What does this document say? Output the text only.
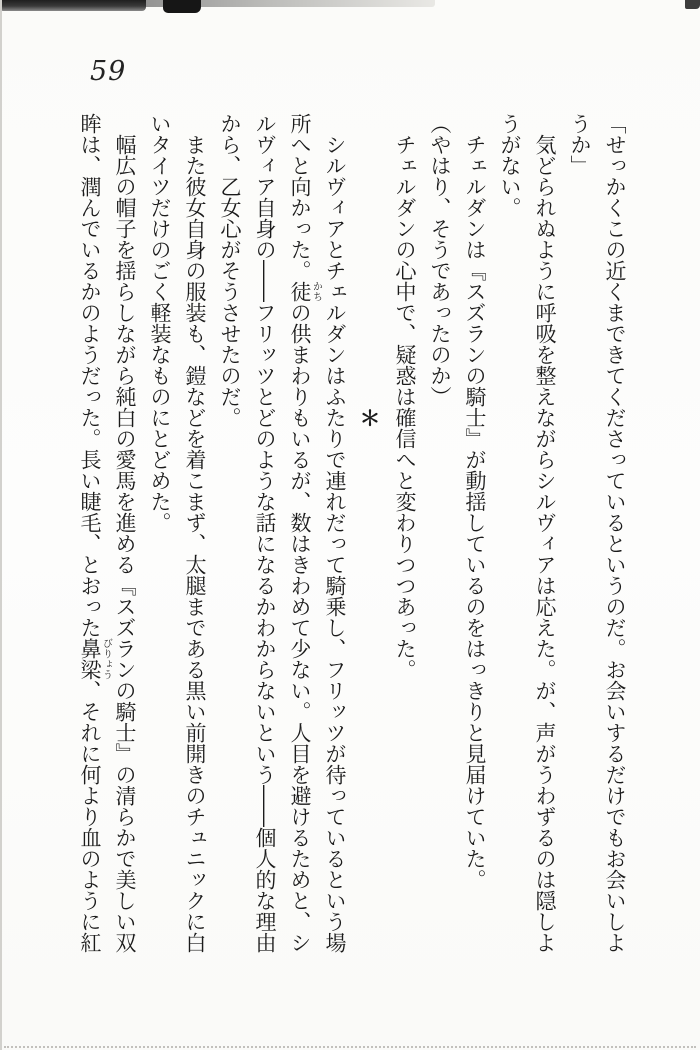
59

「せっかくこの近くまできてくださっているというのだ。お会いするだけでもお会いしようか」

気どられぬように呼吸を整えながらシルヴィアは応えた。が、声がうわずるのは隠しようがない。

チェルダンは『スズランの騎士』が動揺しているのをはっきりと見届けていた。

（やはり、そうであったのか）

チェルダンの心中で、疑惑は確信へと変わりつつあった。

＊

シルヴィアとチェルダンはふたりで連れだって騎乗し、フリッツが待っているという場所へと向かった。徒かちの供まわりもいるが、数はきわめて少ない。人目を避けるためと、シルヴィア自身の――フリッツとどのような話になるかわからないという――個人的な理由から、乙女心がそうさせたのだ。

また彼女自身の服装も、鎧などを着こまず、太腿まである黒い前開きのチュニックに白いタイツだけのごく軽装なものにとどめた。

幅広の帽子を揺らしながら純白の愛馬を進める『スズランの騎士』の清らかで美しい双眸は、潤んでいるかのようだった。長い睫毛、とおった鼻梁びりょう、それに何より血のように紅
